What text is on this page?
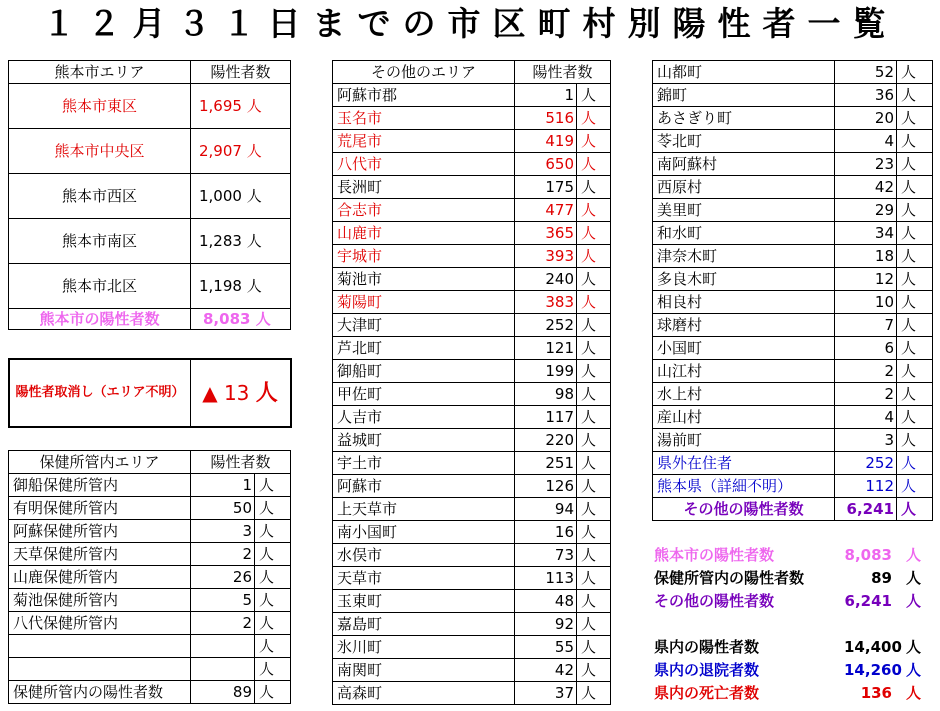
１２月３１日までの市区町村別陽性者一覧
熊本市エリア	陽性者数
熊本市東区	1,695 人
熊本市中央区	2,907 人
熊本市西区	1,000 人
熊本市南区	1,283 人
熊本市北区	1,198 人
熊本市の陽性者数	8,083 人
陽性者取消し（エリア不明） ▲ 13 人
保健所管内エリア	陽性者数	
御船保健所管内	1	人
有明保健所管内	50	人
阿蘇保健所管内	3	人
天草保健所管内	2	人
山鹿保健所管内	26	人
菊池保健所管内	5	人
八代保健所管内	2	人
		人
		人
保健所管内の陽性者数	89	人
その他のエリア	陽性者数	
阿蘇市郡	1	人
玉名市	516	人
荒尾市	419	人
八代市	650	人
長洲町	175	人
合志市	477	人
山鹿市	365	人
宇城市	393	人
菊池市	240	人
菊陽町	383	人
大津町	252	人
芦北町	121	人
御船町	199	人
甲佐町	98	人
人吉市	117	人
益城町	220	人
宇土市	251	人
阿蘇市	126	人
上天草市	94	人
南小国町	16	人
水俣市	73	人
天草市	113	人
玉東町	48	人
嘉島町	92	人
氷川町	55	人
南関町	42	人
高森町	37	人
山都町	52	人
錦町	36	人
あさぎり町	20	人
苓北町	4	人
南阿蘇村	23	人
西原村	42	人
美里町	29	人
和水町	34	人
津奈木町	18	人
多良木町	12	人
相良村	10	人
球磨村	7	人
小国町	6	人
山江村	2	人
水上村	2	人
産山村	4	人
湯前町	3	人
県外在住者	252	人
熊本県（詳細不明）	112	人
その他の陽性者数	6,241	人
熊本市の陽性者数	8,083 人
保健所管内の陽性者数	89 人
その他の陽性者数	6,241 人
県内の陽性者数	14,400 人
県内の退院者数	14,260 人
県内の死亡者数	136 人
